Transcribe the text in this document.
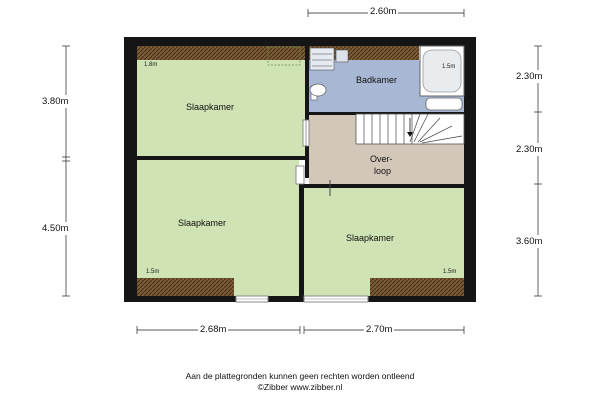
Slaapkamer
1.8m
Badkamer
1.5m
Over-
loop
Slaapkamer
1.5m
Slaapkamer
1.5m
2.60m
3.80m
4.50m
2.30m
2.30m
3.60m
2.68m	2.70m
Aan de plattegronden kunnen geen rechten worden ontleend
©Zibber www.zibber.nl
